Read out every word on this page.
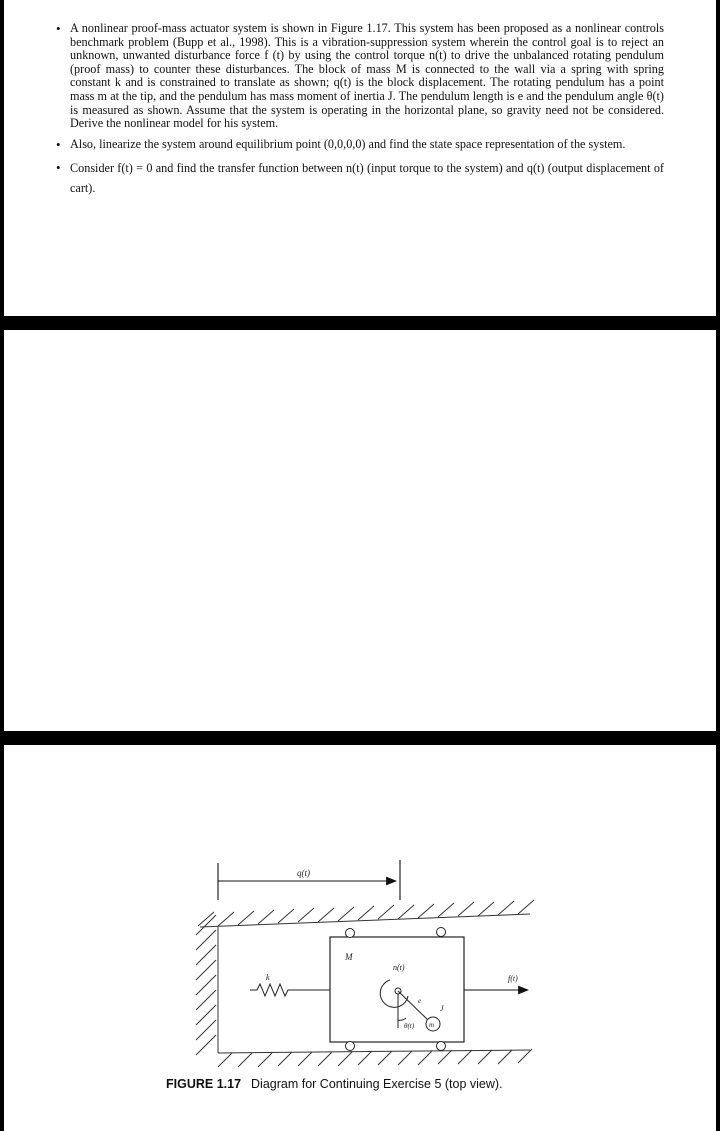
• A nonlinear proof-mass actuator system is shown in Figure 1.17. This system has been proposed as a nonlinear controls benchmark problem (Bupp et al., 1998). This is a vibration-suppression system wherein the control goal is to reject an unknown, unwanted disturbance force f (t) by using the control torque n(t) to drive the unbalanced rotating pendulum (proof mass) to counter these disturbances. The block of mass M is connected to the wall via a spring with spring constant k and is constrained to translate as shown; q(t) is the block displacement. The rotating pendulum has a point mass m at the tip, and the pendulum has mass moment of inertia J. The pendulum length is e and the pendulum angle θ(t) is measured as shown. Assume that the system is operating in the horizontal plane, so gravity need not be considered. Derive the nonlinear model for his system.
• Also, linearize the system around equilibrium point (0,0,0,0) and find the state space representation of the system.
• Consider f(t) = 0 and find the transfer function between n(t) (input torque to the system) and q(t) (output displacement of cart).
q(t)
k
M
n(t)
e
J
θ(t) m
f(t)
FIGURE 1.17 Diagram for Continuing Exercise 5 (top view).
